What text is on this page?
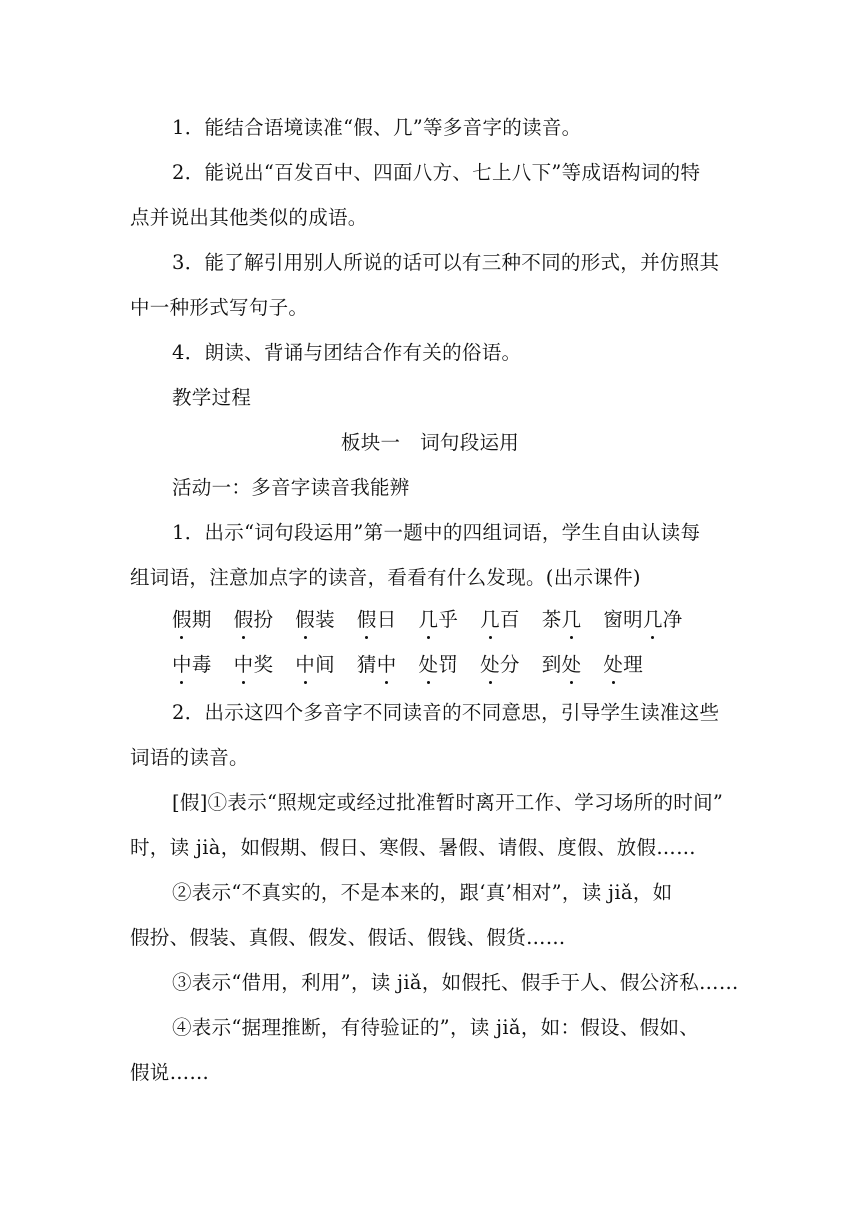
1．能结合语境读准“假、几”等多音字的读音。
2．能说出“百发百中、四面八方、七上八下”等成语构词的特
点并说出其他类似的成语。
3．能了解引用别人所说的话可以有三种不同的形式，并仿照其
中一种形式写句子。
4．朗读、背诵与团结合作有关的俗语。
教学过程
板块一　词句段运用
活动一：多音字读音我能辨
1．出示“词句段运用”第一题中的四组词语，学生自由认读每
组词语，注意加点字的读音，看看有什么发现。(出示课件)
假期 假扮 假装 假日 几乎 几百 茶几 窗明几净
中毒 中奖 中间 猜中 处罚 处分 到处 处理
2．出示这四个多音字不同读音的不同意思，引导学生读准这些
词语的读音。
[假]①表示“照规定或经过批准暂时离开工作、学习场所的时间”
时，读 jià，如假期、假日、寒假、暑假、请假、度假、放假……
②表示“不真实的，不是本来的，跟‘真’相对”，读 jiǎ，如
假扮、假装、真假、假发、假话、假钱、假货……
③表示“借用，利用”，读 jiǎ，如假托、假手于人、假公济私……
④表示“据理推断，有待验证的”，读 jiǎ，如：假设、假如、
假说……
